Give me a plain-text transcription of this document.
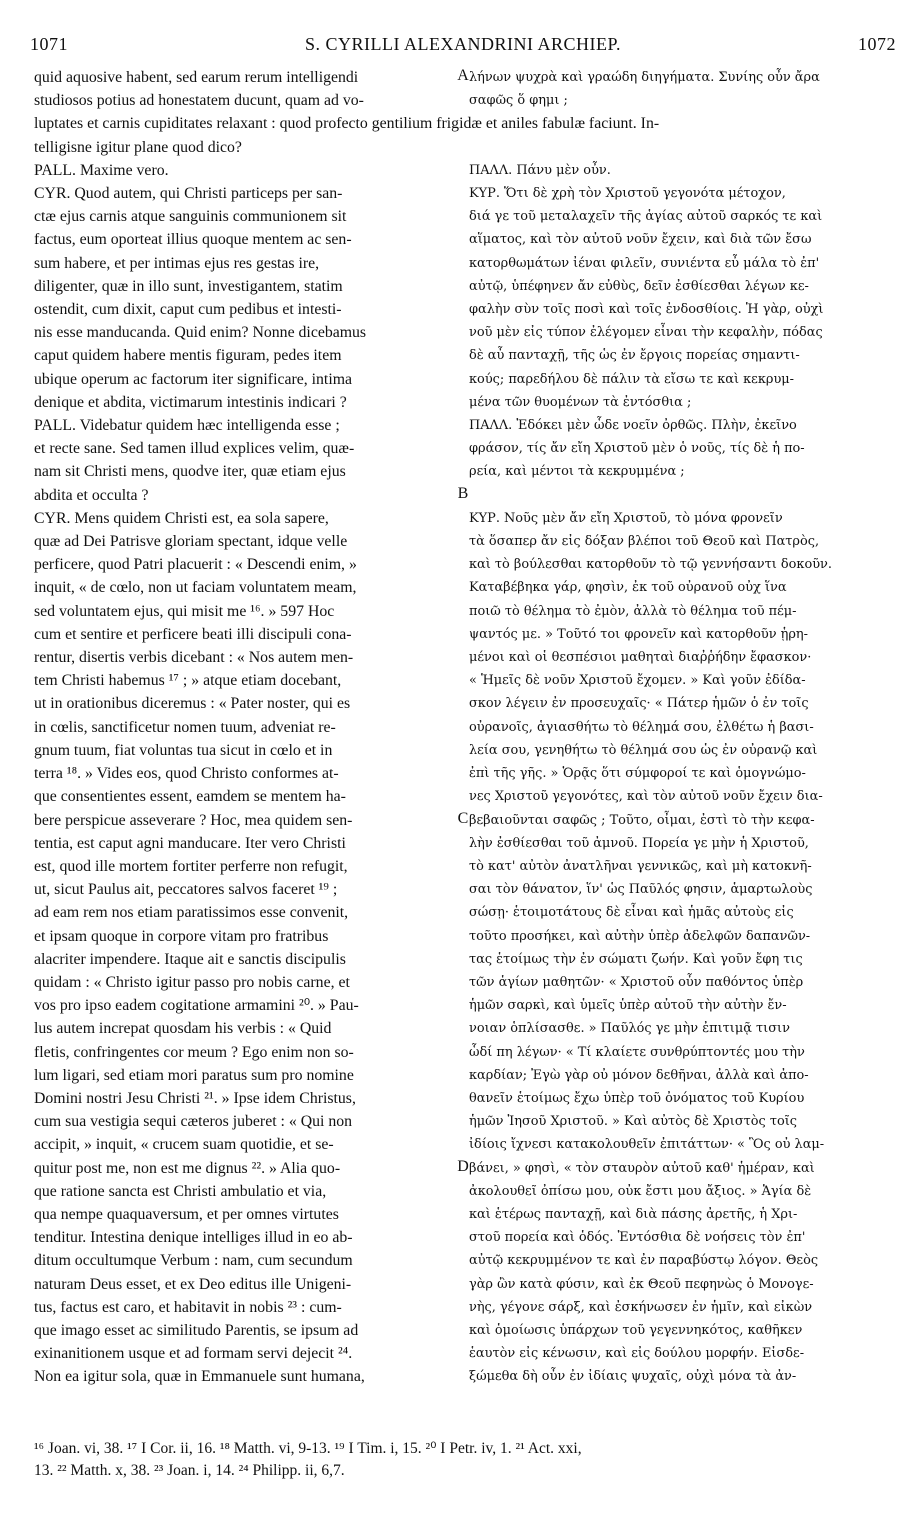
1071	S. CYRILLI ALEXANDRINI ARCHIEP.	1072
quid aquosive habent, sed earum rerum intelligendi	A λήνων ψυχρὰ καὶ γραώδη διηγήματα. Συνίης οὖν ἄρα
studiosos potius ad honestatem ducunt, quam ad vo-	σαφῶς ὅ φημι ;
luptates et carnis cupiditates relaxant : quod profecto gentilium frigidæ et aniles fabulæ faciunt. In-
telligisne igitur plane quod dico?
PALL. Maxime vero.	ΠΑΛΛ. Πάνυ μὲν οὖν.
CYR. Quod autem, qui Christi particeps per san-	ΚΥΡ. Ὅτι δὲ χρὴ τὸν Χριστοῦ γεγονότα μέτοχον,
ctæ ejus carnis atque sanguinis communionem sit	διά γε τοῦ μεταλαχεῖν τῆς ἁγίας αὐτοῦ σαρκός τε καὶ
factus, eum oporteat illius quoque mentem ac sen-	αἵματος, καὶ τὸν αὐτοῦ νοῦν ἔχειν, καὶ διὰ τῶν ἔσω
sum habere, et per intimas ejus res gestas ire,	κατορθωμάτων ἰέναι φιλεῖν, συνιέντα εὖ μάλα τὸ ἐπ'
diligenter, quæ in illo sunt, investigantem, statim	αὐτῷ, ὑπέφηνεν ἄν εὐθὺς, δεῖν ἐσθίεσθαι λέγων κε-
ostendit, cum dixit, caput cum pedibus et intesti-	φαλὴν σὺν τοῖς ποσὶ καὶ τοῖς ἐνδοσθίοις. Ἡ γὰρ, οὐχὶ
nis esse manducanda. Quid enim? Nonne dicebamus	νοῦ μὲν εἰς τύπον ἐλέγομεν εἶναι τὴν κεφαλὴν, πόδας
caput quidem habere mentis figuram, pedes item	δὲ αὖ πανταχῇ, τῆς ὡς ἐν ἔργοις πορείας σημαντι-
ubique operum ac factorum iter significare, intima	κούς; παρεδήλου δὲ πάλιν τὰ εἴσω τε καὶ κεκρυμ-
denique et abdita, victimarum intestinis indicari ?	μένα τῶν θυομένων τὰ ἐντόσθια ;
PALL. Videbatur quidem hæc intelligenda esse ;	ΠΑΛΛ. Ἐδόκει μὲν ὧδε νοεῖν ὀρθῶς. Πλὴν, ἐκεῖνο
et recte sane. Sed tamen illud explices velim, quæ-	φράσον, τίς ἄν εἴη Χριστοῦ μὲν ὁ νοῦς, τίς δὲ ἡ πο-
nam sit Christi mens, quodve iter, quæ etiam ejus	ρεία, καὶ μέντοι τὰ κεκρυμμένα ;
abdita et occulta ?	B
CYR. Mens quidem Christi est, ea sola sapere,	ΚΥΡ. Νοῦς μὲν ἄν εἴη Χριστοῦ, τὸ μόνα φρονεῖν
quæ ad Dei Patrisve gloriam spectant, idque velle	τὰ ὅσαπερ ἄν εἰς δόξαν βλέποι τοῦ Θεοῦ καὶ Πατρὸς,
perficere, quod Patri placuerit : « Descendi enim, »	καὶ τὸ βούλεσθαι κατορθοῦν τὸ τῷ γεννήσαντι δοκοῦν.
inquit, « de cœlo, non ut faciam voluntatem meam,	Καταβέβηκα γάρ, φησὶν, ἐκ τοῦ οὐρανοῦ οὐχ ἵνα
sed voluntatem ejus, qui misit me ¹⁶. » 597 Hoc	ποιῶ τὸ θέλημα τὸ ἐμὸν, ἀλλὰ τὸ θέλημα τοῦ πέμ-
cum et sentire et perficere beati illi discipuli cona-	ψαντός με. » Τοῦτό τοι φρονεῖν καὶ κατορθοῦν ᾑρη-
rentur, disertis verbis dicebant : « Nos autem men-	μένοι καὶ οἱ θεσπέσιοι μαθηταὶ διαῤῥήδην ἔφασκον·
tem Christi habemus ¹⁷ ; » atque etiam docebant,	« Ἡμεῖς δὲ νοῦν Χριστοῦ ἔχομεν. » Καὶ γοῦν ἐδίδα-
ut in orationibus diceremus : « Pater noster, qui es	σκον λέγειν ἐν προσευχαῖς· « Πάτερ ἡμῶν ὁ ἐν τοῖς
in cœlis, sanctificetur nomen tuum, adveniat re-	οὐρανοῖς, ἁγιασθήτω τὸ θέλημά σου, ἐλθέτω ἡ βασι-
gnum tuum, fiat voluntas tua sicut in cœlo et in	λεία σου, γενηθήτω τὸ θέλημά σου ὡς ἐν οὐρανῷ καὶ
terra ¹⁸. » Vides eos, quod Christo conformes at-	ἐπὶ τῆς γῆς. » Ὁρᾷς ὅτι σύμφοροί τε καὶ ὁμογνώμο-
que consentientes essent, eamdem se mentem ha-	νες Χριστοῦ γεγονότες, καὶ τὸν αὐτοῦ νοῦν ἔχειν δια-
bere perspicue asseverare ? Hoc, mea quidem sen-	C βεβαιοῦνται σαφῶς ; Τοῦτο, οἶμαι, ἐστὶ τὸ τὴν κεφα-
tentia, est caput agni manducare. Iter vero Christi	λὴν ἐσθίεσθαι τοῦ ἀμνοῦ. Πορεία γε μὴν ἡ Χριστοῦ,
est, quod ille mortem fortiter perferre non refugit,	τὸ κατ' αὐτὸν ἀνατλῆναι γεννικῶς, καὶ μὴ κατοκνῆ-
ut, sicut Paulus ait, peccatores salvos faceret ¹⁹ ;	σαι τὸν θάνατον, ἵν' ὡς Παῦλός φησιν, ἁμαρτωλοὺς
ad eam rem nos etiam paratissimos esse convenit,	σώσῃ· ἑτοιμοτάτους δὲ εἶναι καὶ ἡμᾶς αὐτοὺς εἰς
et ipsam quoque in corpore vitam pro fratribus	τοῦτο προσήκει, καὶ αὐτὴν ὑπὲρ ἀδελφῶν δαπανῶν-
alacriter impendere. Itaque ait e sanctis discipulis	τας ἑτοίμως τὴν ἐν σώματι ζωήν. Καὶ γοῦν ἔφη τις
quidam : « Christo igitur passo pro nobis carne, et	τῶν ἁγίων μαθητῶν· « Χριστοῦ οὖν παθόντος ὑπὲρ
vos pro ipso eadem cogitatione armamini ²⁰. » Pau-	ἡμῶν σαρκὶ, καὶ ὑμεῖς ὑπὲρ αὐτοῦ τὴν αὐτὴν ἔν-
lus autem increpat quosdam his verbis : « Quid	νοιαν ὁπλίσασθε. » Παῦλός γε μὴν ἐπιτιμᾷ τισιν
fletis, confringentes cor meum ? Ego enim non so-	ὧδί πη λέγων· « Τί κλαίετε συνθρύπτοντές μου τὴν
lum ligari, sed etiam mori paratus sum pro nomine	καρδίαν; Ἐγὼ γὰρ οὐ μόνον δεθῆναι, ἀλλὰ καὶ ἀπο-
Domini nostri Jesu Christi ²¹. » Ipse idem Christus,	θανεῖν ἑτοίμως ἔχω ὑπὲρ τοῦ ὀνόματος τοῦ Κυρίου
cum sua vestigia sequi cæteros juberet : « Qui non	ἡμῶν Ἰησοῦ Χριστοῦ. » Καὶ αὐτὸς δὲ Χριστὸς τοῖς
accipit, » inquit, « crucem suam quotidie, et se-	ἰδίοις ἴχνεσι κατακολουθεῖν ἐπιτάττων· « Ὃς οὐ λαμ-
quitur post me, non est me dignus ²². » Alia quo-	D βάνει, » φησὶ, « τὸν σταυρὸν αὐτοῦ καθ' ἡμέραν, καὶ
que ratione sancta est Christi ambulatio et via,	ἀκολουθεῖ ὀπίσω μου, οὐκ ἔστι μου ἄξιος. » Ἁγία δὲ
qua nempe quaquaversum, et per omnes virtutes	καὶ ἑτέρως πανταχῇ, καὶ διὰ πάσης ἀρετῆς, ἡ Χρι-
tenditur. Intestina denique intelliges illud in eo ab-	στοῦ πορεία καὶ ὁδός. Ἐντόσθια δὲ νοήσεις τὸν ἐπ'
ditum occultumque Verbum : nam, cum secundum	αὐτῷ κεκρυμμένον τε καὶ ἐν παραβύστῳ λόγον. Θεὸς
naturam Deus esset, et ex Deo editus ille Unigeni-	γὰρ ὢν κατὰ φύσιν, καὶ ἐκ Θεοῦ πεφηνὼς ὁ Μονογε-
tus, factus est caro, et habitavit in nobis ²³ : cum-	νὴς, γέγονε σάρξ, καὶ ἐσκήνωσεν ἐν ἡμῖν, καὶ εἰκὼν
que imago esset ac similitudo Parentis, se ipsum ad	καὶ ὁμοίωσις ὑπάρχων τοῦ γεγεννηκότος, καθῆκεν
exinanitionem usque et ad formam servi dejecit ²⁴.	ἑαυτὸν εἰς κένωσιν, καὶ εἰς δούλου μορφήν. Εἰσδε-
Non ea igitur sola, quæ in Emmanuele sunt humana,	ξώμεθα δὴ οὖν ἐν ἰδίαις ψυχαῖς, οὐχὶ μόνα τὰ ἀν-
¹⁶ Joan. vi, 38. ¹⁷ I Cor. ii, 16. ¹⁸ Matth. vi, 9-13. ¹⁹ I Tim. i, 15. ²⁰ I Petr. iv, 1. ²¹ Act. xxi,
13. ²² Matth. x, 38. ²³ Joan. i, 14. ²⁴ Philipp. ii, 6,7.
